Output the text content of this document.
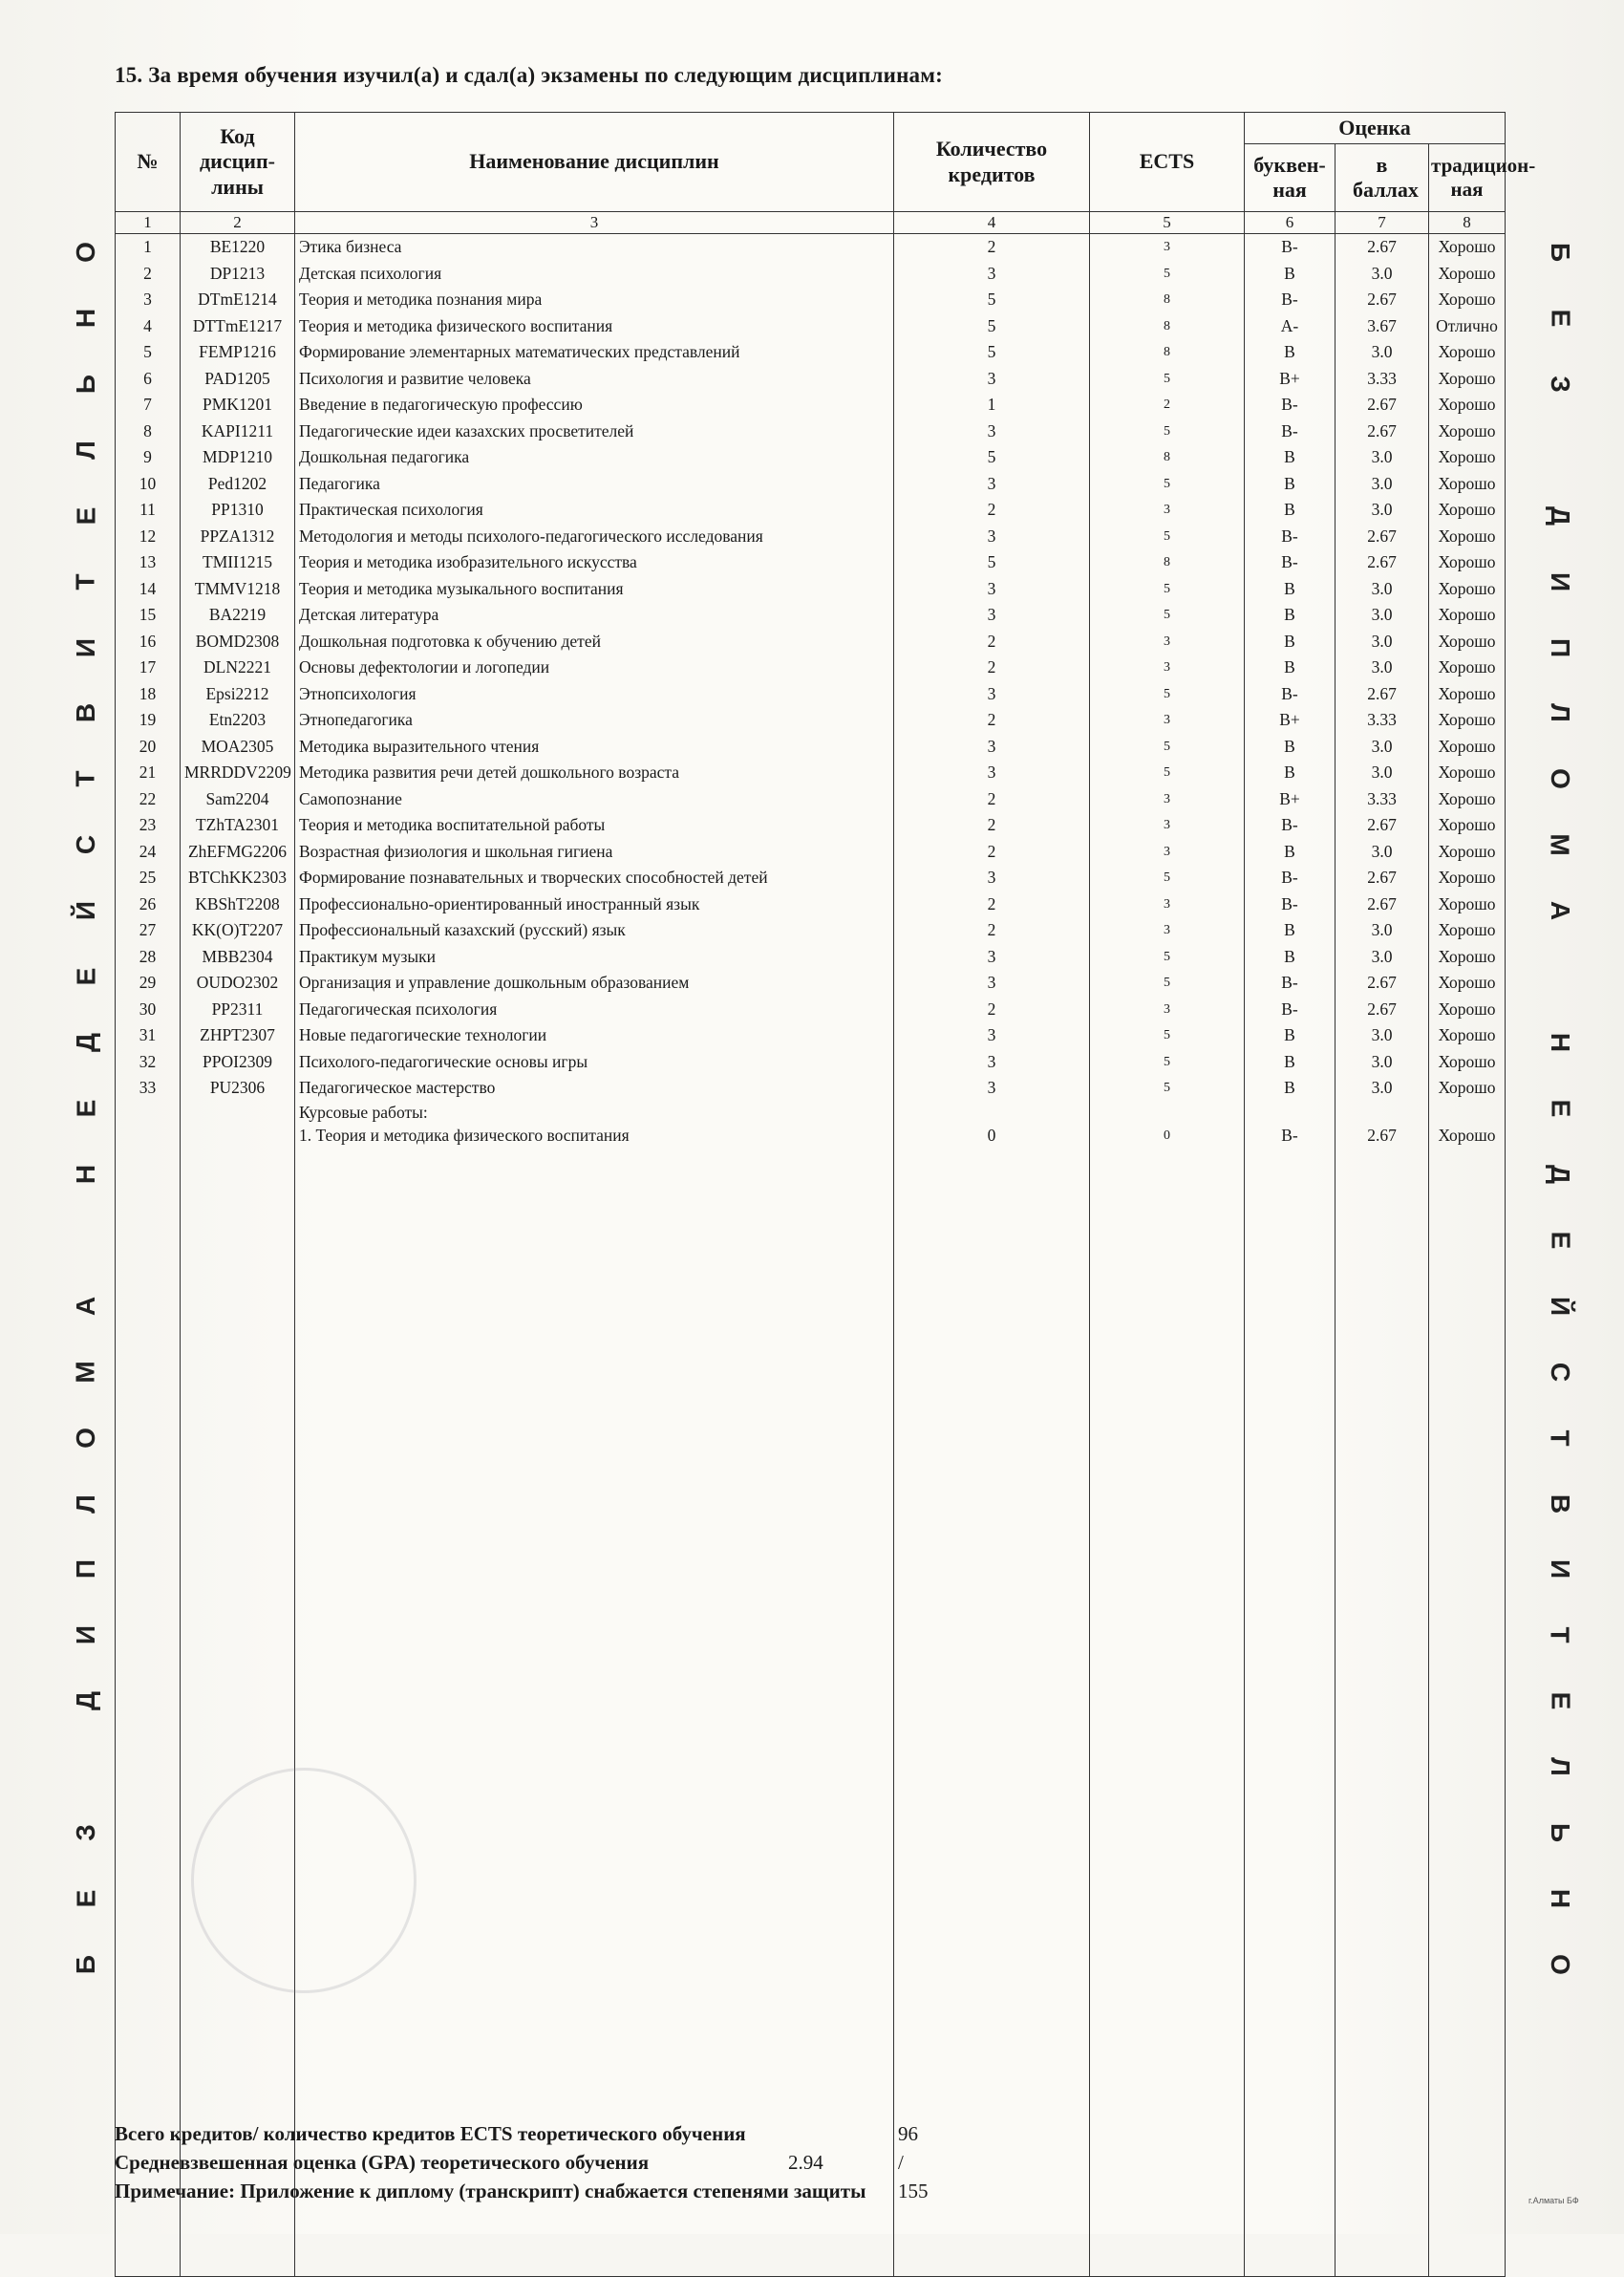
15. За время обучения изучил(а) и сдал(а) экзамены по следующим дисциплинам:
О
Н
Ь
Л
Е
Т
И
В
Т
С
Й
Е
Д
Е
Н

А
М
О
Л
П
И
Д

З
Е
Б
Б
Е
З

Д
И
П
Л
О
М
А

Н
Е
Д
Е
Й
С
Т
В
И
Т
Е
Л
Ь
Н
О
№	Код дисцип-лины	Наименование дисциплин	Количество кредитов	ECTS	Оценка		
					буквен-ная	в баллах	традицион-ная
1	2	3	4	5	6	7	8
1	BE1220	Этика бизнеса	2	3	B-	2.67	Хорошо
2	DP1213	Детская психология	3	5	B	3.0	Хорошо
3	DTmE1214	Теория и методика познания мира	5	8	B-	2.67	Хорошо
4	DTTmE1217	Теория и методика физического воспитания	5	8	A-	3.67	Отлично
5	FEMP1216	Формирование элементарных математических представлений	5	8	B	3.0	Хорошо
6	PAD1205	Психология и развитие человека	3	5	B+	3.33	Хорошо
7	PMK1201	Введение в педагогическую профессию	1	2	B-	2.67	Хорошо
8	KAPI1211	Педагогические идеи казахских просветителей	3	5	B-	2.67	Хорошо
9	MDP1210	Дошкольная педагогика	5	8	B	3.0	Хорошо
10	Ped1202	Педагогика	3	5	B	3.0	Хорошо
11	PP1310	Практическая психология	2	3	B	3.0	Хорошо
12	PPZA1312	Методология и методы психолого-педагогического исследования	3	5	B-	2.67	Хорошо
13	TMII1215	Теория и методика изобразительного искусства	5	8	B-	2.67	Хорошо
14	TMMV1218	Теория и методика музыкального воспитания	3	5	B	3.0	Хорошо
15	BA2219	Детская литература	3	5	B	3.0	Хорошо
16	BOMD2308	Дошкольная подготовка к обучению детей	2	3	B	3.0	Хорошо
17	DLN2221	Основы дефектологии и логопедии	2	3	B	3.0	Хорошо
18	Epsi2212	Этнопсихология	3	5	B-	2.67	Хорошо
19	Etn2203	Этнопедагогика	2	3	B+	3.33	Хорошо
20	MOA2305	Методика выразительного чтения	3	5	B	3.0	Хорошо
21	MRRDDV2209	Методика развития речи детей дошкольного возраста	3	5	B	3.0	Хорошо
22	Sam2204	Самопознание	2	3	B+	3.33	Хорошо
23	TZhTA2301	Теория и методика воспитательной работы	2	3	B-	2.67	Хорошо
24	ZhEFMG2206	Возрастная физиология и школьная гигиена	2	3	B	3.0	Хорошо
25	BTChKK2303	Формирование познавательных и творческих способностей детей	3	5	B-	2.67	Хорошо
26	KBShT2208	Профессионально-ориентированный иностранный язык	2	3	B-	2.67	Хорошо
27	KK(O)T2207	Профессиональный казахский (русский) язык	2	3	B	3.0	Хорошо
28	MBB2304	Практикум музыки	3	5	B	3.0	Хорошо
29	OUDO2302	Организация и управление дошкольным образованием	3	5	B-	2.67	Хорошо
30	PP2311	Педагогическая психология	2	3	B-	2.67	Хорошо
31	ZHPT2307	Новые педагогические технологии	3	5	B	3.0	Хорошо
32	PPOI2309	Психолого-педагогические основы игры	3	5	B	3.0	Хорошо
33	PU2306	Педагогическое мастерство	3	5	B	3.0	Хорошо
		Курсовые работы:					
		1. Теория и методика физического воспитания	0	0	B-	2.67	Хорошо

Всего кредитов/ количество кредитов ECTS теоретического обучения	96 / 155
Средневзвешенная оценка (GPA) теоретического обучения	2.94
Примечание: Приложение к диплому (транскрипт) снабжается степенями защиты	г.Алматы БФ
